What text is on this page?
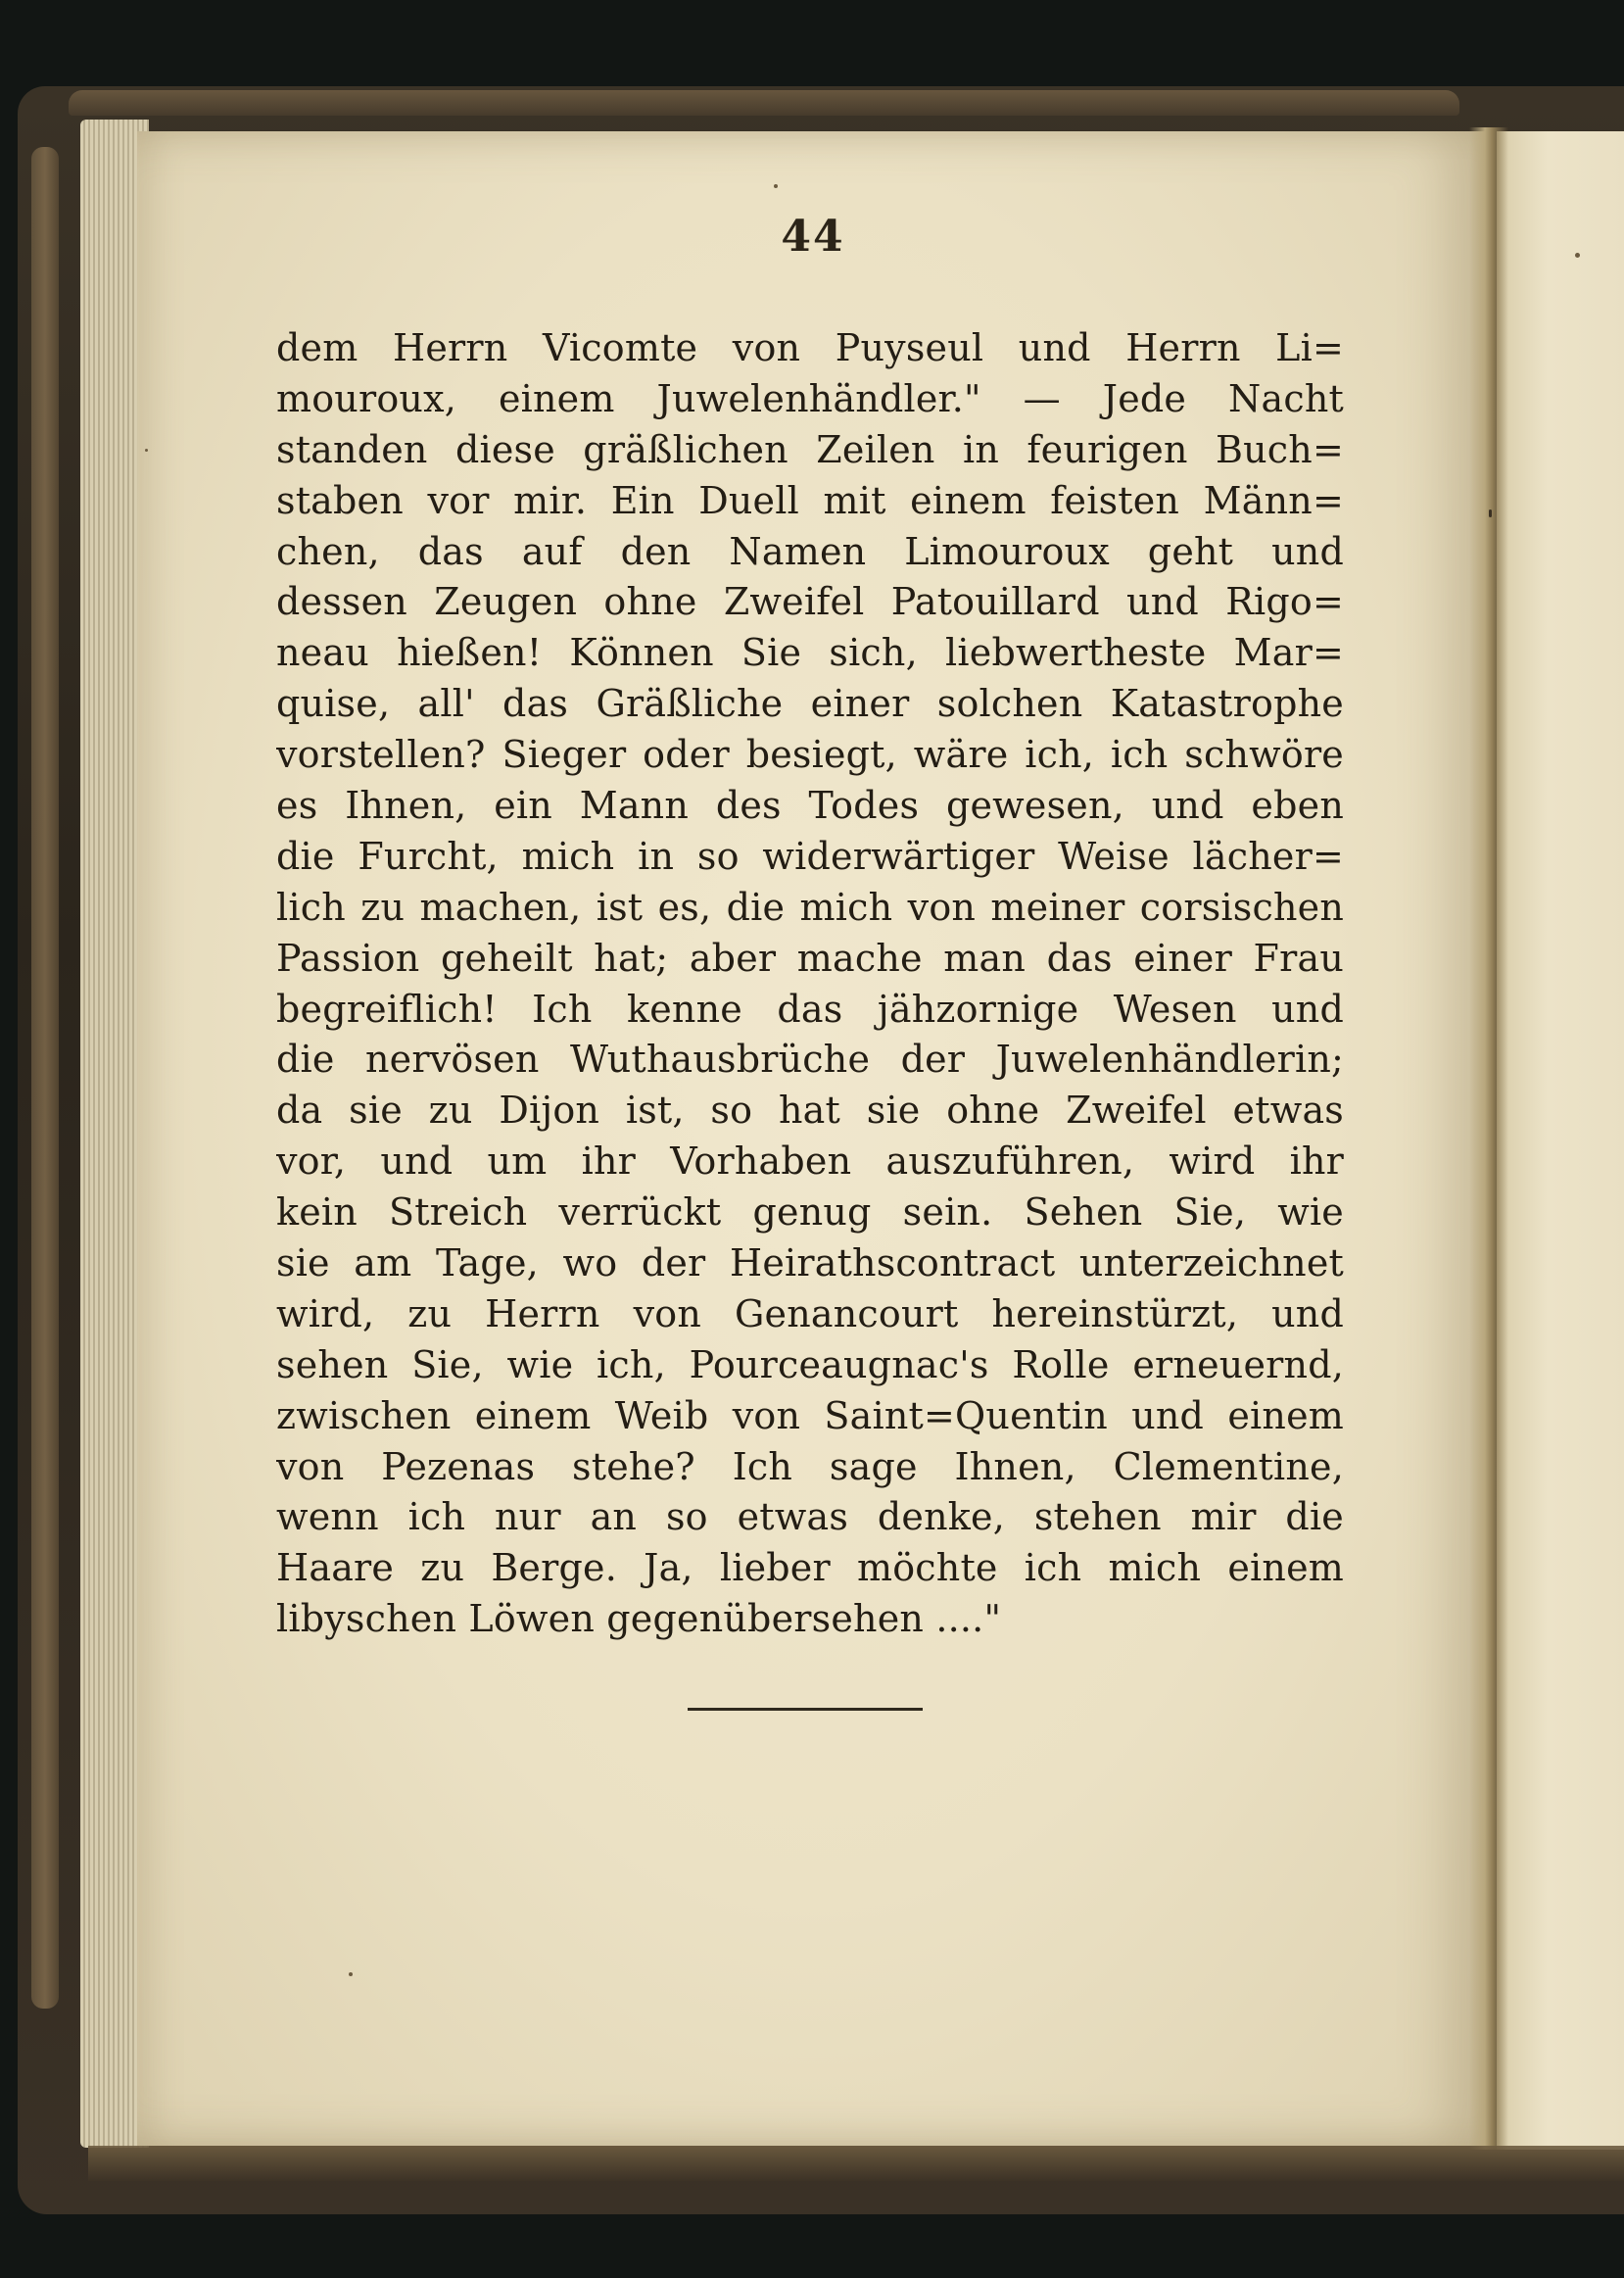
44
dem Herrn Vicomte von Puyseul und Herrn Li=
mouroux, einem Juwelenhändler." — Jede Nacht
standen diese gräßlichen Zeilen in feurigen Buch=
staben vor mir. Ein Duell mit einem feisten Männ=
chen, das auf den Namen Limouroux geht und
dessen Zeugen ohne Zweifel Patouillard und Rigo=
neau hießen! Können Sie sich, liebwertheste Mar=
quise, all' das Gräßliche einer solchen Katastrophe
vorstellen? Sieger oder besiegt, wäre ich, ich schwöre
es Ihnen, ein Mann des Todes gewesen, und eben
die Furcht, mich in so widerwärtiger Weise lächer=
lich zu machen, ist es, die mich von meiner corsischen
Passion geheilt hat; aber mache man das einer Frau
begreiflich! Ich kenne das jähzornige Wesen und
die nervösen Wuthausbrüche der Juwelenhändlerin;
da sie zu Dijon ist, so hat sie ohne Zweifel etwas
vor, und um ihr Vorhaben auszuführen, wird ihr
kein Streich verrückt genug sein. Sehen Sie, wie
sie am Tage, wo der Heirathscontract unterzeichnet
wird, zu Herrn von Genancourt hereinstürzt, und
sehen Sie, wie ich, Pourceaugnac's Rolle erneuernd,
zwischen einem Weib von Saint=Quentin und einem
von Pezenas stehe? Ich sage Ihnen, Clementine,
wenn ich nur an so etwas denke, stehen mir die
Haare zu Berge. Ja, lieber möchte ich mich einem
libyschen Löwen gegenübersehen ...."
